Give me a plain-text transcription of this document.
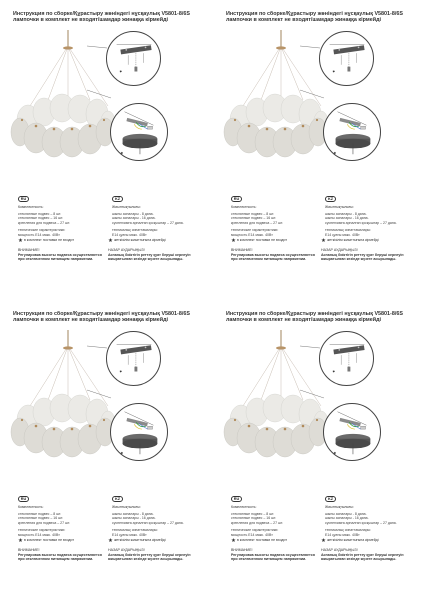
Инструкция по сборке/Құрастыру жөніндегі нұсқаулық V5801-8/6S
лампочки в комплект не входят/шамдар жинаққа кірмейді
✱
✱
RU	KZ
Комплектность:
стеклянные подвес – 8 шт.
стеклянные подвес – 16 шт.
крепления для подвеса – 27 шт.
технические характеристики:
мощность E14 макс. 40Вт
Жиынтықтылығы:
шыны аспалары - 8 дана.
шыны аспалары - 16 дана.
суспензияға арналған қосқыштар – 27 дана.
техникалық сипаттамалары:
E14 қуаты макс. 40Вт
★в комплект поставки не входит	★жеткізілім жиынтығына кірмейді
ВНИМАНИЕ!
Регулировка высоты подвеса осуществляется
при отключенном питающем напряжении.
НАЗАР АУДАРЫҢЫЗ!
Аспаның биіктігін реттеу қуат беруші кернеуін
ажыратылған кезінде жүзеге асырылады.
Инструкция по сборке/Құрастыру жөніндегі нұсқаулық V5801-8/6S
лампочки в комплект не входят/шамдар жинаққа кірмейді
✱
✱
RU	KZ
Комплектность:
стеклянные подвес – 8 шт.
стеклянные подвес – 16 шт.
крепления для подвеса – 27 шт.
технические характеристики:
мощность E14 макс. 40Вт
Жиынтықтылығы:
шыны аспалары - 8 дана.
шыны аспалары - 16 дана.
суспензияға арналған қосқыштар – 27 дана.
техникалық сипаттамалары:
E14 қуаты макс. 40Вт
★в комплект поставки не входит	★жеткізілім жиынтығына кірмейді
ВНИМАНИЕ!
Регулировка высоты подвеса осуществляется
при отключенном питающем напряжении.
НАЗАР АУДАРЫҢЫЗ!
Аспаның биіктігін реттеу қуат беруші кернеуін
ажыратылған кезінде жүзеге асырылады.
Инструкция по сборке/Құрастыру жөніндегі нұсқаулық V5801-8/6S
лампочки в комплект не входят/шамдар жинаққа кірмейді
✱
✱
RU	KZ
Комплектность:
стеклянные подвес – 8 шт.
стеклянные подвес – 16 шт.
крепления для подвеса – 27 шт.
технические характеристики:
мощность E14 макс. 40Вт
Жиынтықтылығы:
шыны аспалары - 8 дана.
шыны аспалары - 16 дана.
суспензияға арналған қосқыштар – 27 дана.
техникалық сипаттамалары:
E14 қуаты макс. 40Вт
★в комплект поставки не входит	★жеткізілім жиынтығына кірмейді
ВНИМАНИЕ!
Регулировка высоты подвеса осуществляется
при отключенном питающем напряжении.
НАЗАР АУДАРЫҢЫЗ!
Аспаның биіктігін реттеу қуат беруші кернеуін
ажыратылған кезінде жүзеге асырылады.
Инструкция по сборке/Құрастыру жөніндегі нұсқаулық V5801-8/6S
лампочки в комплект не входят/шамдар жинаққа кірмейді
✱
✱
RU	KZ
Комплектность:
стеклянные подвес – 8 шт.
стеклянные подвес – 16 шт.
крепления для подвеса – 27 шт.
технические характеристики:
мощность E14 макс. 40Вт
Жиынтықтылығы:
шыны аспалары - 8 дана.
шыны аспалары - 16 дана.
суспензияға арналған қосқыштар – 27 дана.
техникалық сипаттамалары:
E14 қуаты макс. 40Вт
★в комплект поставки не входит	★жеткізілім жиынтығына кірмейді
ВНИМАНИЕ!
Регулировка высоты подвеса осуществляется
при отключенном питающем напряжении.
НАЗАР АУДАРЫҢЫЗ!
Аспаның биіктігін реттеу қуат беруші кернеуін
ажыратылған кезінде жүзеге асырылады.
